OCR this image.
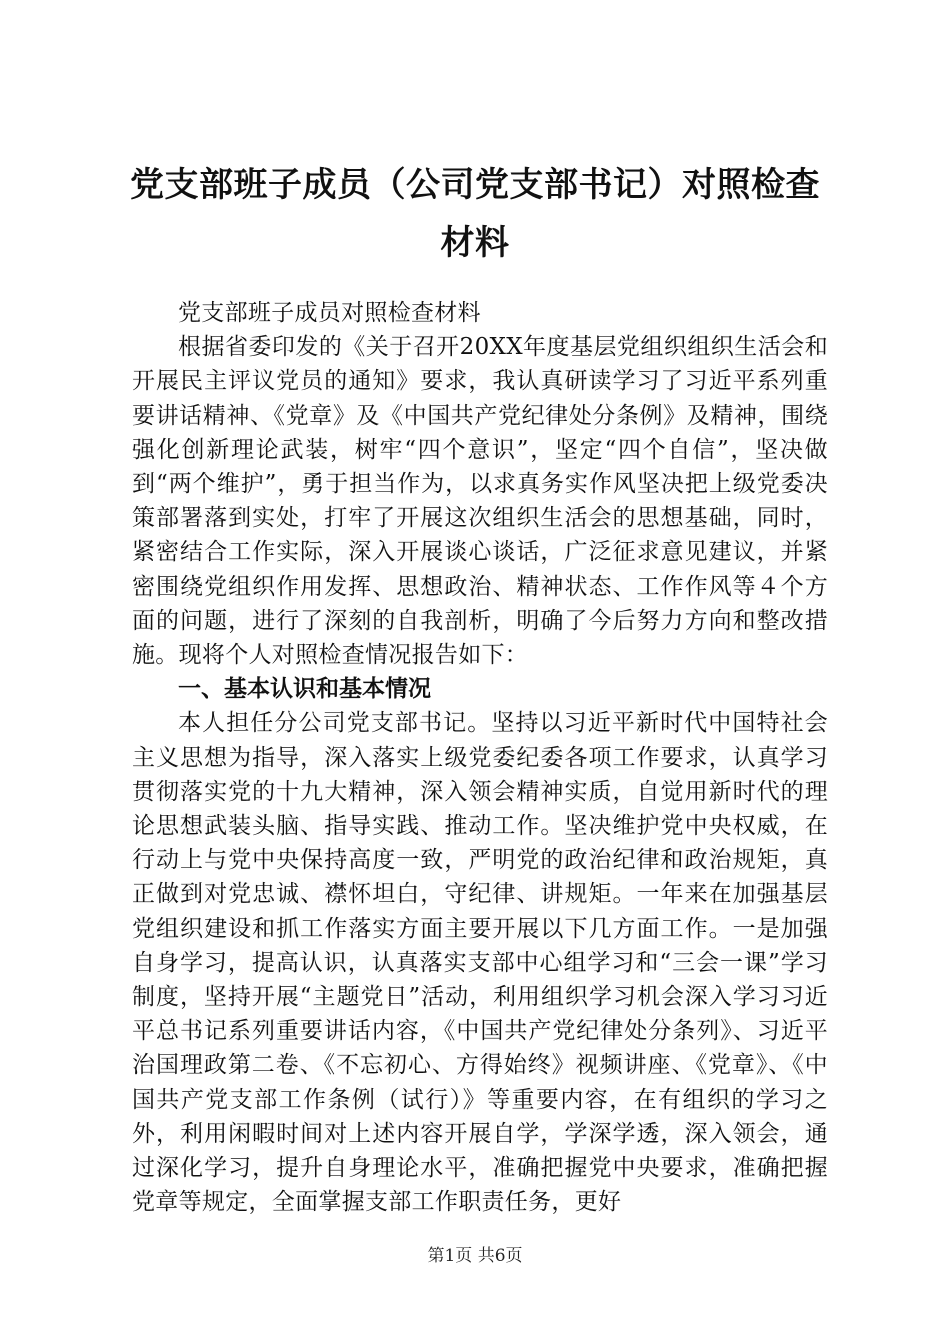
党支部班子成员（公司党支部书记）对照检查材料

党支部班子成员对照检查材料

根据省委印发的《关于召开20XX年度基层党组织组织生活会和开展民主评议党员的通知》要求，我认真研读学习了习近平系列重要讲话精神、《党章》及《中国共产党纪律处分条例》及精神，围绕强化创新理论武装，树牢“四个意识”，坚定“四个自信”，坚决做到“两个维护”，勇于担当作为，以求真务实作风坚决把上级党委决策部署落到实处，打牢了开展这次组织生活会的思想基础，同时，紧密结合工作实际，深入开展谈心谈话，广泛征求意见建议，并紧密围绕党组织作用发挥、思想政治、精神状态、工作作风等４个方面的问题，进行了深刻的自我剖析，明确了今后努力方向和整改措施。现将个人对照检查情况报告如下：

一、基本认识和基本情况

本人担任分公司党支部书记。坚持以习近平新时代中国特社会主义思想为指导，深入落实上级党委纪委各项工作要求，认真学习贯彻落实党的十九大精神，深入领会精神实质，自觉用新时代的理论思想武装头脑、指导实践、推动工作。坚决维护党中央权威，在行动上与党中央保持高度一致，严明党的政治纪律和政治规矩，真正做到对党忠诚、襟怀坦白，守纪律、讲规矩。一年来在加强基层党组织建设和抓工作落实方面主要开展以下几方面工作。一是加强自身学习，提高认识，认真落实支部中心组学习和“三会一课”学习制度，坚持开展“主题党日”活动，利用组织学习机会深入学习习近平总书记系列重要讲话内容，《中国共产党纪律处分条列》、习近平治国理政第二卷、《不忘初心、方得始终》视频讲座、《党章》、《中国共产党支部工作条例（试行）》等重要内容，在有组织的学习之外，利用闲暇时间对上述内容开展自学，学深学透，深入领会，通过深化学习，提升自身理论水平，准确把握党中央要求，准确把握党章等规定，全面掌握支部工作职责任务，更好

第1页 共6页
